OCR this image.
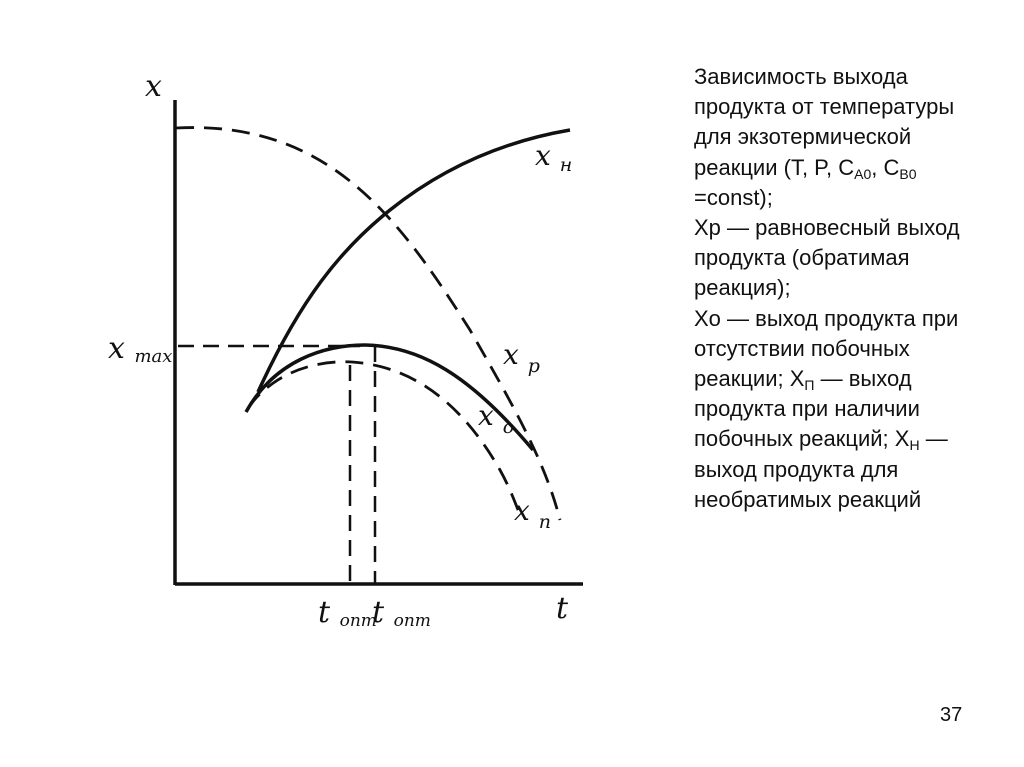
x
t
x max
t опт
t опт
x $_н$
x $_p$
x $_o$
x $_п$

Зависимость выхода продукта от температуры для экзотермической реакции (T, P, $C_{A0}$, $C_{B0}$ =const);

Xp — равновесный выход продукта (обратимая реакция);

Xo — выход продукта при отсутствии побочных реакции; $X_П$ — выход продукта при наличии побочных реакций; $X_Н$ — выход продукта для необратимых реакций

37
